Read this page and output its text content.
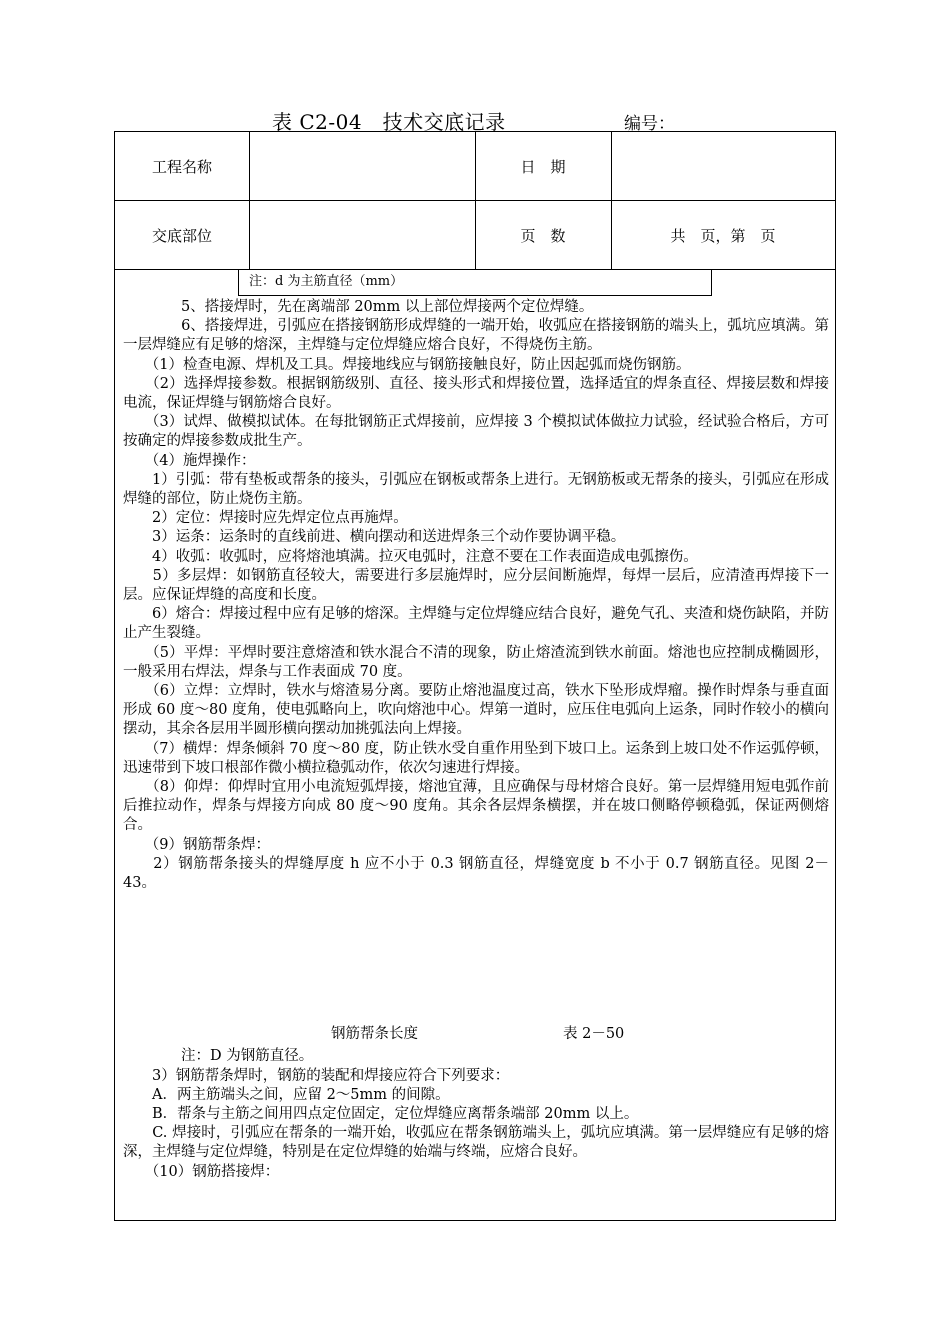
表 C2-04　技术交底记录	编号：
工程名称	日　期
交底部位	页　数	共　页，第　页
注：d 为主筋直径（mm）

　　　　5、搭接焊时，先在离端部 20mm 以上部位焊接两个定位焊缝。

　　　　6、搭接焊进，引弧应在搭接钢筋形成焊缝的一端开始，收弧应在搭接钢筋的端头上，弧坑应填满。第一层焊缝应有足够的熔深，主焊缝与定位焊缝应熔合良好，不得烧伤主筋。

　　（1）检查电源、焊机及工具。焊接地线应与钢筋接触良好，防止因起弧而烧伤钢筋。

　　（2）选择焊接参数。根据钢筋级别、直径、接头形式和焊接位置，选择适宜的焊条直径、焊接层数和焊接电流，保证焊缝与钢筋熔合良好。

　　（3）试焊、做模拟试体。在每批钢筋正式焊接前，应焊接 3 个模拟试体做拉力试验，经试验合格后，方可按确定的焊接参数成批生产。

　　（4）施焊操作：

　　1）引弧：带有垫板或帮条的接头，引弧应在钢板或帮条上进行。无钢筋板或无帮条的接头，引弧应在形成焊缝的部位，防止烧伤主筋。

　　2）定位：焊接时应先焊定位点再施焊。

　　3）运条：运条时的直线前进、横向摆动和送进焊条三个动作要协调平稳。

　　4）收弧：收弧时，应将熔池填满。拉灭电弧时，注意不要在工作表面造成电弧擦伤。

　　5）多层焊：如钢筋直径较大，需要进行多层施焊时，应分层间断施焊，每焊一层后，应清渣再焊接下一层。应保证焊缝的高度和长度。

　　6）熔合：焊接过程中应有足够的熔深。主焊缝与定位焊缝应结合良好，避免气孔、夹渣和烧伤缺陷，并防止产生裂缝。

　　（5）平焊：平焊时要注意熔渣和铁水混合不清的现象，防止熔渣流到铁水前面。熔池也应控制成椭圆形，一般采用右焊法，焊条与工作表面成 70 度。

　　（6）立焊：立焊时，铁水与熔渣易分离。要防止熔池温度过高，铁水下坠形成焊瘤。操作时焊条与垂直面形成 60 度～80 度角，使电弧略向上，吹向熔池中心。焊第一道时，应压住电弧向上运条，同时作较小的横向摆动，其余各层用半圆形横向摆动加挑弧法向上焊接。

　　（7）横焊：焊条倾斜 70 度～80 度，防止铁水受自重作用坠到下坡口上。运条到上坡口处不作运弧停顿，迅速带到下坡口根部作微小横拉稳弧动作，依次匀速进行焊接。

　　（8）仰焊：仰焊时宜用小电流短弧焊接，熔池宜薄，且应确保与母材熔合良好。第一层焊缝用短电弧作前后推拉动作，焊条与焊接方向成 80 度～90 度角。其余各层焊条横摆，并在坡口侧略停顿稳弧，保证两侧熔合。

　　（9）钢筋帮条焊：

　　2）钢筋帮条接头的焊缝厚度 h 应不小于 0.3 钢筋直径，焊缝宽度 b 不小于 0.7 钢筋直径。见图 2－43。

钢筋帮条长度	表 2－50

　　　　注：D 为钢筋直径。

　　3）钢筋帮条焊时，钢筋的装配和焊接应符合下列要求：

　　A．两主筋端头之间，应留 2～5mm 的间隙。

　　B．帮条与主筋之间用四点定位固定，定位焊缝应离帮条端部 20mm 以上。

　　C. 焊接时，引弧应在帮条的一端开始，收弧应在帮条钢筋端头上，弧坑应填满。第一层焊缝应有足够的熔深，主焊缝与定位焊缝，特别是在定位焊缝的始端与终端，应熔合良好。

　　（10）钢筋搭接焊：
